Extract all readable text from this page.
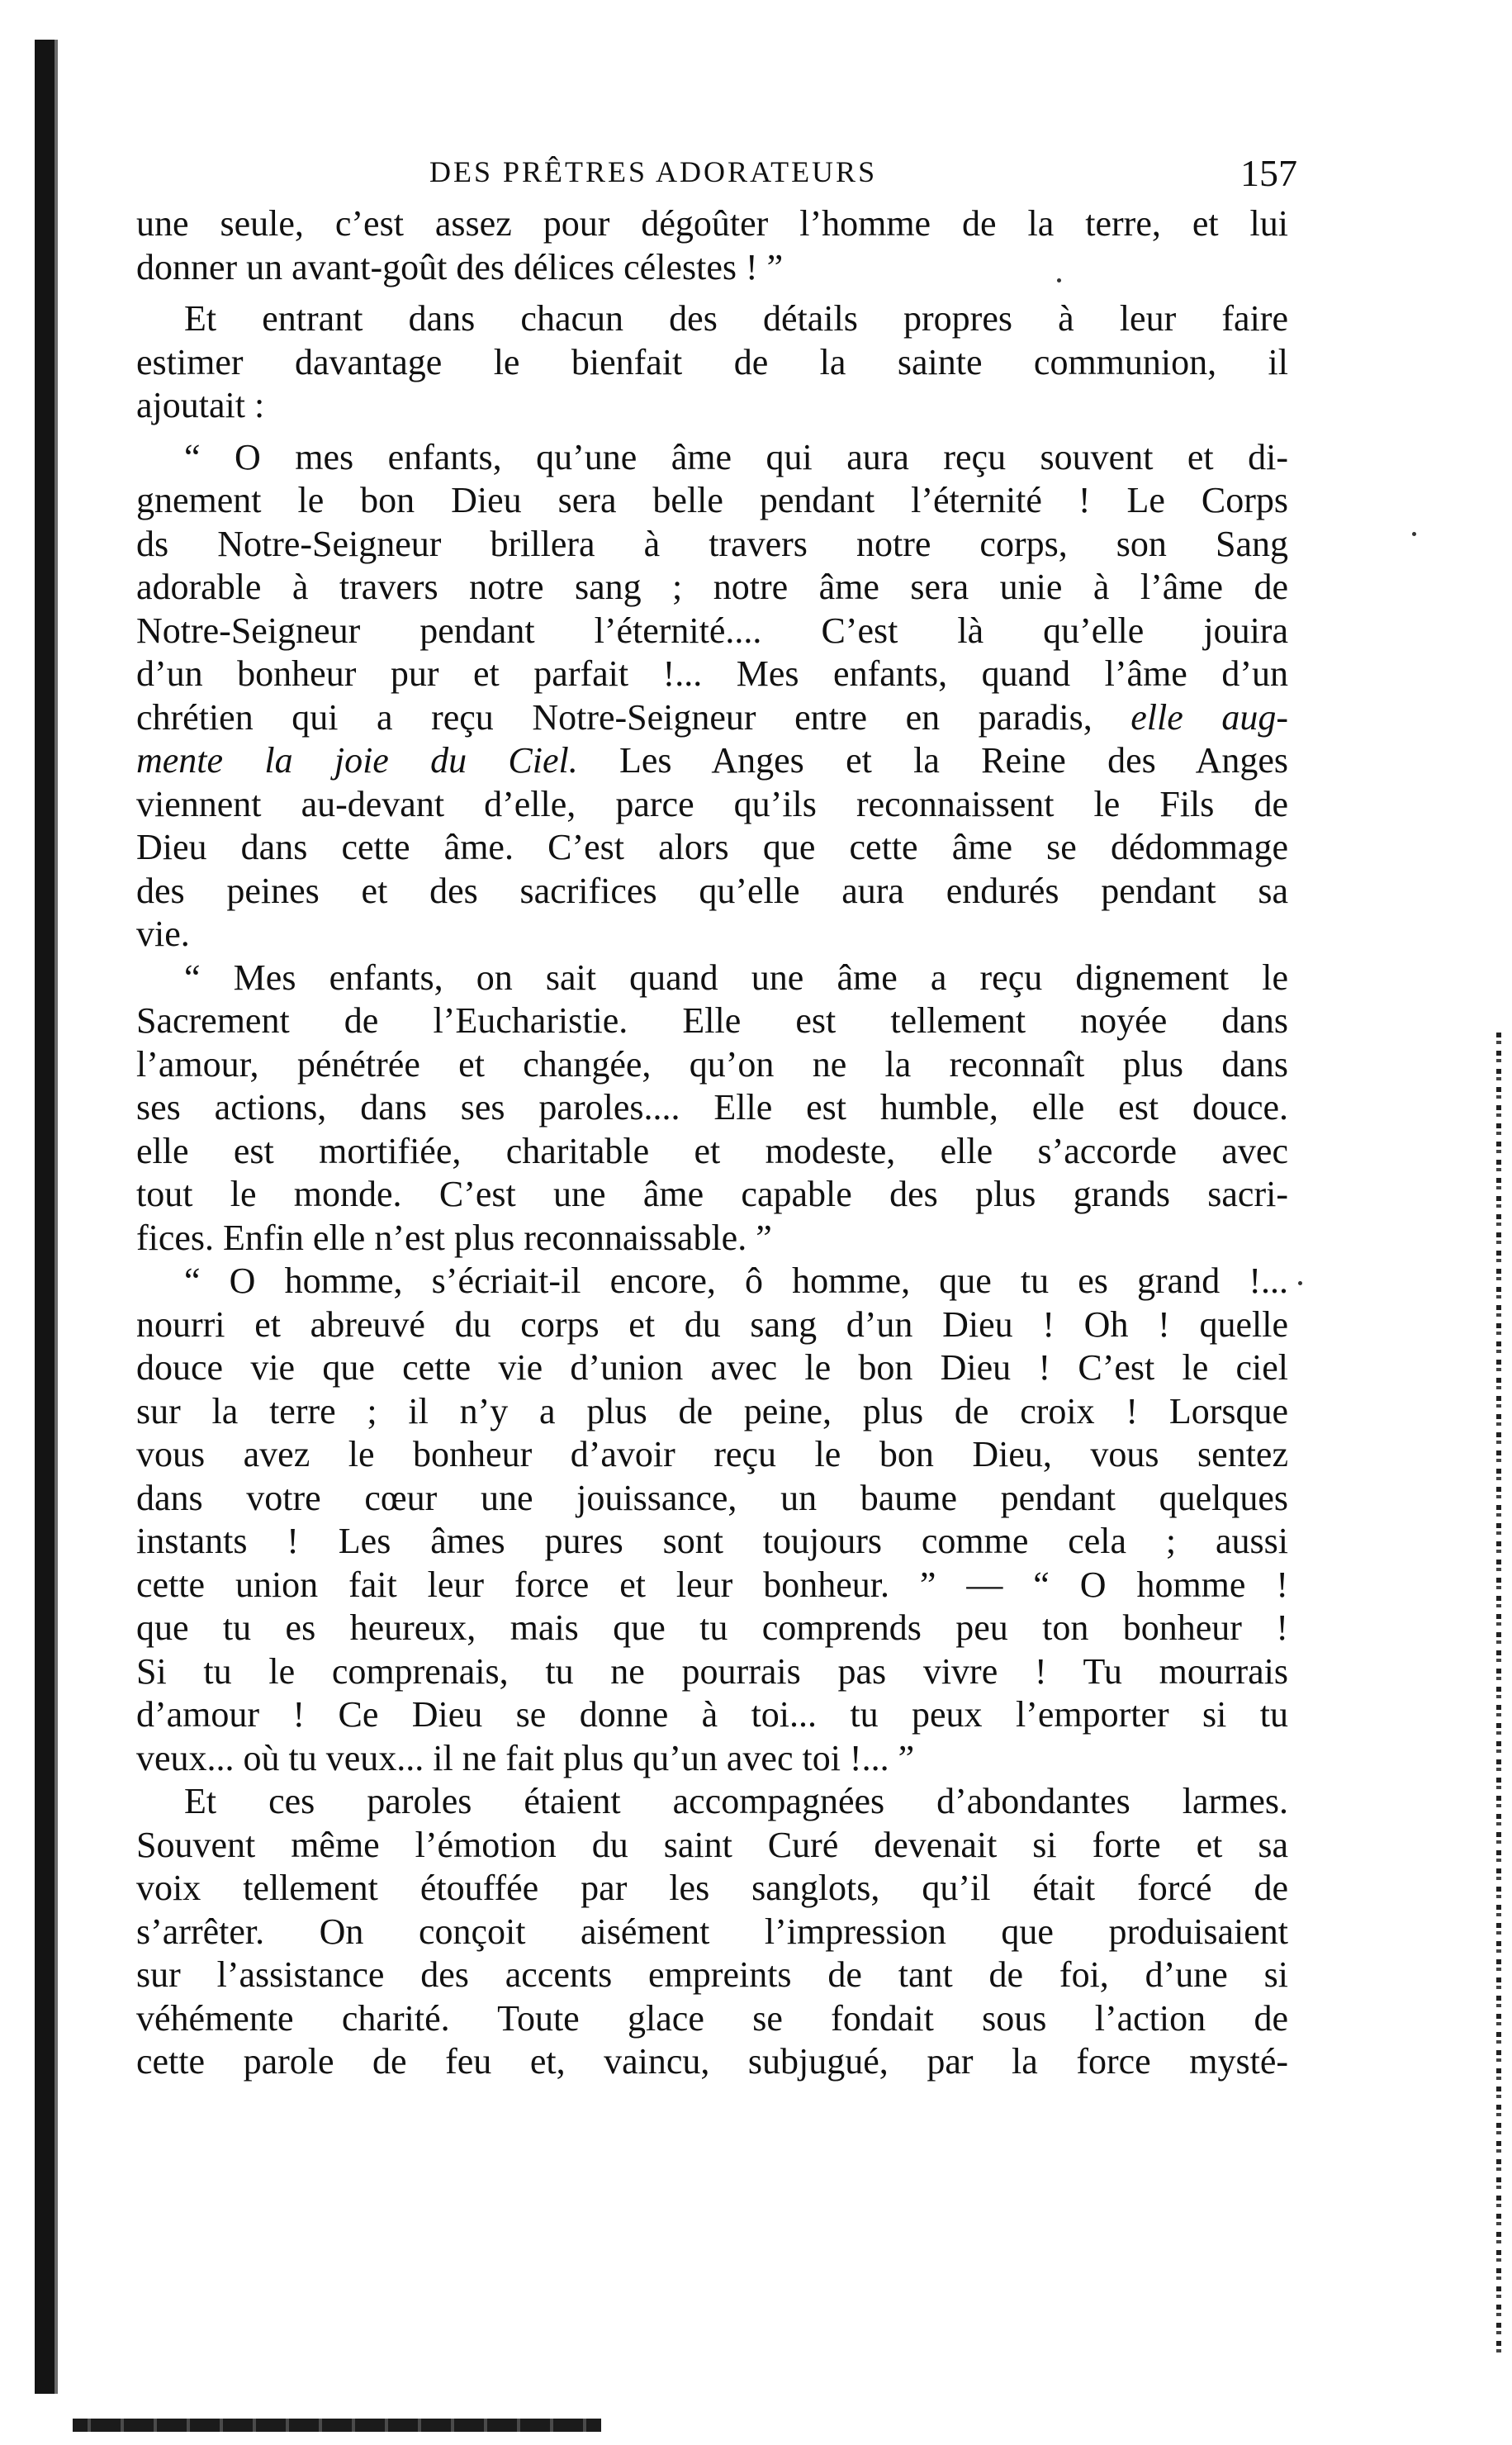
DES PRÊTRES ADORATEURS	157
une seule, c’est assez pour dégoûter l’homme de la terre, et lui
donner un avant-goût des délices célestes ! ”
Et entrant dans chacun des détails propres à leur faire
estimer davantage le bienfait de la sainte communion, il
ajoutait :
“ O mes enfants, qu’une âme qui aura reçu souvent et di-
gnement le bon Dieu sera belle pendant l’éternité ! Le Corps
ds Notre-Seigneur brillera à travers notre corps, son Sang
adorable à travers notre sang ; notre âme sera unie à l’âme de
Notre-Seigneur pendant l’éternité.... C’est là qu’elle jouira
d’un bonheur pur et parfait !... Mes enfants, quand l’âme d’un
chrétien qui a reçu Notre-Seigneur entre en paradis, elle aug-
mente la joie du Ciel. Les Anges et la Reine des Anges
viennent au-devant d’elle, parce qu’ils reconnaissent le Fils de
Dieu dans cette âme. C’est alors que cette âme se dédommage
des peines et des sacrifices qu’elle aura endurés pendant sa
vie.
“ Mes enfants, on sait quand une âme a reçu dignement le
Sacrement de l’Eucharistie. Elle est tellement noyée dans
l’amour, pénétrée et changée, qu’on ne la reconnaît plus dans
ses actions, dans ses paroles.... Elle est humble, elle est douce.
elle est mortifiée, charitable et modeste, elle s’accorde avec
tout le monde. C’est une âme capable des plus grands sacri-
fices. Enfin elle n’est plus reconnaissable. ”
“ O homme, s’écriait-il encore, ô homme, que tu es grand !...
nourri et abreuvé du corps et du sang d’un Dieu ! Oh ! quelle
douce vie que cette vie d’union avec le bon Dieu ! C’est le ciel
sur la terre ; il n’y a plus de peine, plus de croix ! Lorsque
vous avez le bonheur d’avoir reçu le bon Dieu, vous sentez
dans votre cœur une jouissance, un baume pendant quelques
instants ! Les âmes pures sont toujours comme cela ; aussi
cette union fait leur force et leur bonheur. ” — “ O homme !
que tu es heureux, mais que tu comprends peu ton bonheur !
Si tu le comprenais, tu ne pourrais pas vivre ! Tu mourrais
d’amour ! Ce Dieu se donne à toi... tu peux l’emporter si tu
veux... où tu veux... il ne fait plus qu’un avec toi !... ”
Et ces paroles étaient accompagnées d’abondantes larmes.
Souvent même l’émotion du saint Curé devenait si forte et sa
voix tellement étouffée par les sanglots, qu’il était forcé de
s’arrêter. On conçoit aisément l’impression que produisaient
sur l’assistance des accents empreints de tant de foi, d’une si
véhémente charité. Toute glace se fondait sous l’action de
cette parole de feu et, vaincu, subjugué, par la force mysté-
